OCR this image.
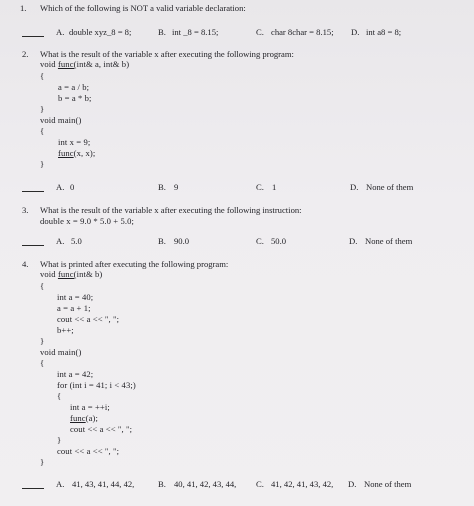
1. Which of the following is NOT a valid variable declaration:
A. double xyz_8 = 8;	B. int _8 = 8.15;	C. char 8char = 8.15; D. int a8 = 8;
2. What is the result of the variable x after executing the following program:
void func(int& a, int& b)
{
a = a / b;
b = a * b;
}
void main()
{
int x = 9;
func(x, x);
}
A. 0	B. 9	C. 1	D. None of them
3. What is the result of the variable x after executing the following instruction:
double x = 9.0 * 5.0 + 5.0;
A. 5.0	B. 90.0	C. 50.0	D. None of them
4. What is printed after executing the following program:
void func(int& b)
{
int a = 40;
a = a + 1;
cout << a << ", ";
b++;
}
void main()
{
int a = 42;
for (int i = 41; i < 43;)
{
int a = ++i;
func(a);
cout << a << ", ";
}
cout << a << ", ";
}
A. 41, 43, 41, 44, 42,	B. 40, 41, 42, 43, 44, C. 41, 42, 41, 43, 42, D. None of them
